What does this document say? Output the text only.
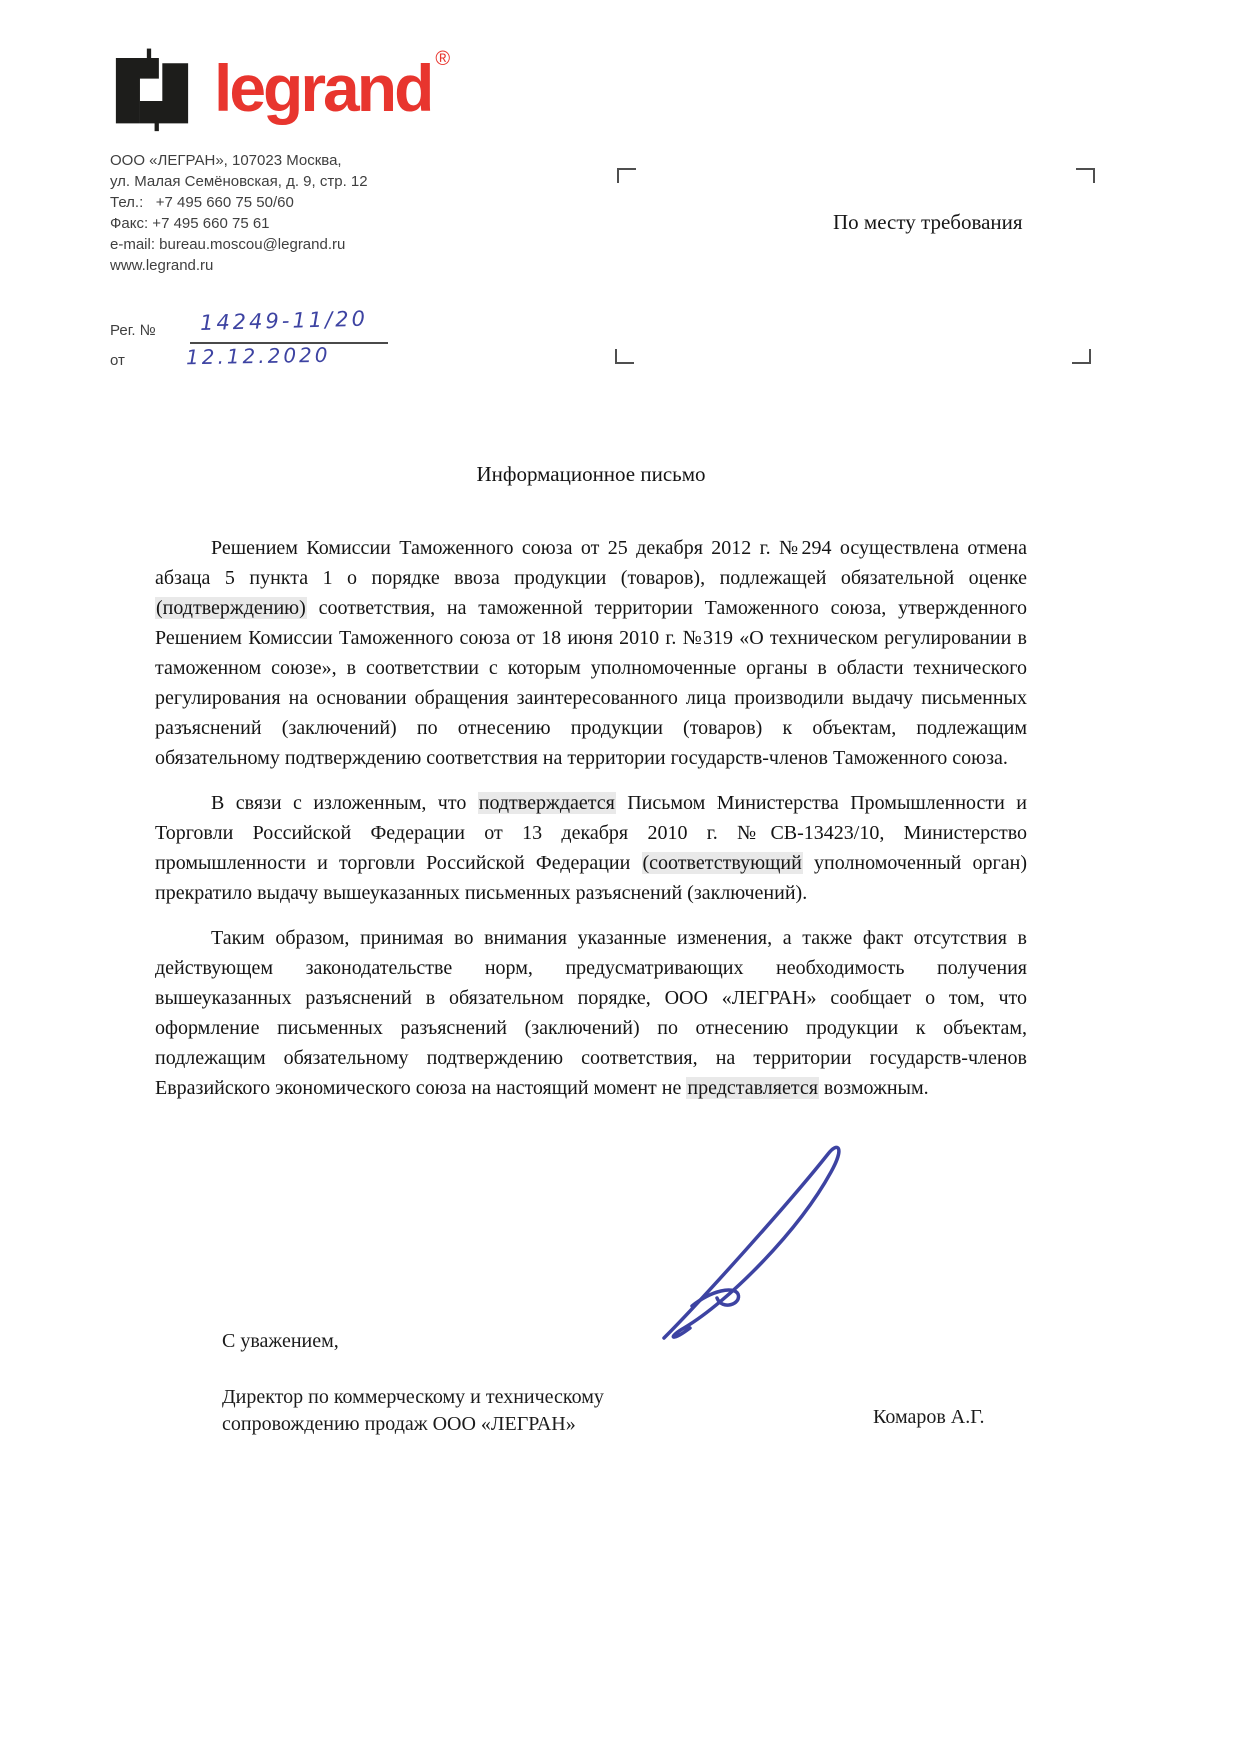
legrand ®
ООО «ЛЕГРАН», 107023 Москва,
ул. Малая Семёновская, д. 9, стр. 12
Тел.:   +7 495 660 75 50/60
Факс: +7 495 660 75 61
e-mail: bureau.moscou@legrand.ru
www.legrand.ru
Рег. № 14249-11/20
от	12.12.2020
По месту требования
Информационное письмо

Решением Комиссии Таможенного союза от 25 декабря 2012 г. №294 осуществлена отмена абзаца 5 пункта 1 о порядке ввоза продукции (товаров), подлежащей обязательной оценке (подтверждению) соответствия, на таможенной территории Таможенного союза, утвержденного Решением Комиссии Таможенного союза от 18 июня 2010 г. №319 «О техническом регулировании в таможенном союзе», в соответствии с которым уполномоченные органы в области технического регулирования на основании обращения заинтересованного лица производили выдачу письменных разъяснений (заключений) по отнесению продукции (товаров) к объектам, подлежащим обязательному подтверждению соответствия на территории государств-членов Таможенного союза.

В связи с изложенным, что подтверждается Письмом Министерства Промышленности и Торговли Российской Федерации от 13 декабря 2010 г. №СВ-13423/10, Министерство промышленности и торговли Российской Федерации (соответствующий уполномоченный орган) прекратило выдачу вышеуказанных письменных разъяснений (заключений).

Таким образом, принимая во внимания указанные изменения, а также факт отсутствия в действующем законодательстве норм, предусматривающих необходимость получения вышеуказанных разъяснений в обязательном порядке, ООО «ЛЕГРАН» сообщает о том, что оформление письменных разъяснений (заключений) по отнесению продукции к объектам, подлежащим обязательному подтверждению соответствия, на территории государств-членов Евразийского экономического союза на настоящий момент не представляется возможным.

С уважением,
Директор по коммерческому и техническому
сопровождению продаж ООО «ЛЕГРАН»	Комаров А.Г.
